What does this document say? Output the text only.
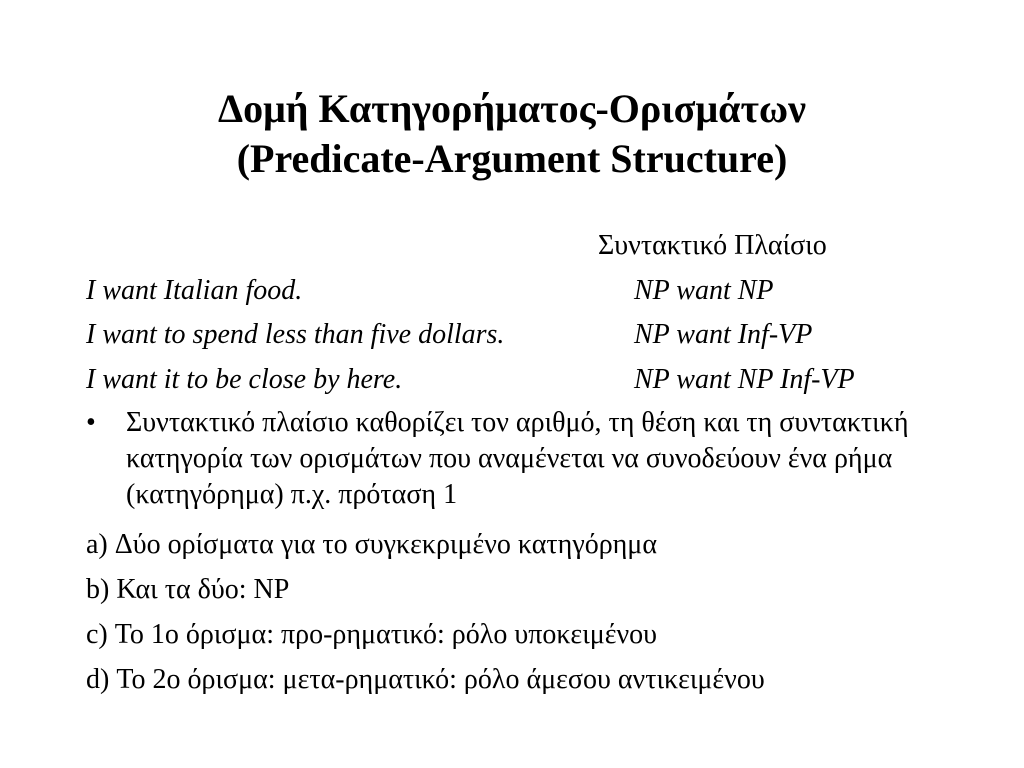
Δομή Κατηγορήματος-Ορισμάτων
(Predicate-Argument Structure)
Συντακτικό Πλαίσιο
I want Italian food.	NP want NP
I want to spend less than five dollars.	NP want Inf-VP
I want it to be close by here.	NP want NP Inf-VP
• Συντακτικό πλαίσιο καθορίζει τον αριθμό, τη θέση και τη συντακτική κατηγορία των ορισμάτων που αναμένεται να συνοδεύουν ένα ρήμα (κατηγόρημα) π.χ. πρόταση 1
a) Δύο ορίσματα για το συγκεκριμένο κατηγόρημα
b) Και τα δύο: NP
c) Το 1ο όρισμα: προ-ρηματικό: ρόλο υποκειμένου
d) Το 2ο όρισμα: μετα-ρηματικό: ρόλο άμεσου αντικειμένου
